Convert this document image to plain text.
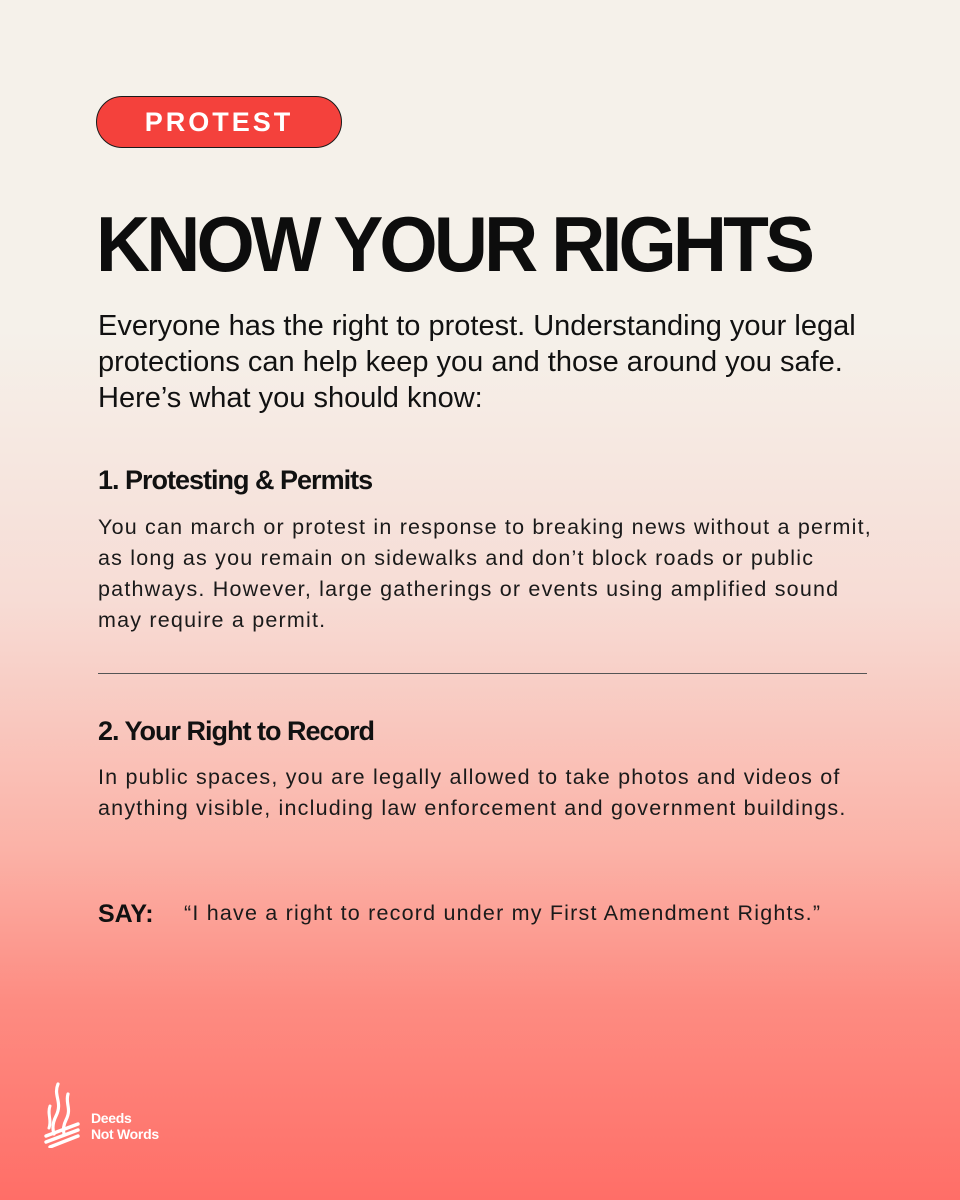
PROTEST
KNOW YOUR RIGHTS

Everyone has the right to protest. Understanding your legal protections can help keep you and those around you safe. Here’s what you should know:

1. Protesting & Permits

You can march or protest in response to breaking news without a permit, as long as you remain on sidewalks and don’t block roads or public pathways. However, large gatherings or events using amplified sound may require a permit.

2. Your Right to Record

In public spaces, you are legally allowed to take photos and videos of anything visible, including law enforcement and government buildings.

SAY: “I have a right to record under my First Amendment Rights.”

Deeds
Not Words
